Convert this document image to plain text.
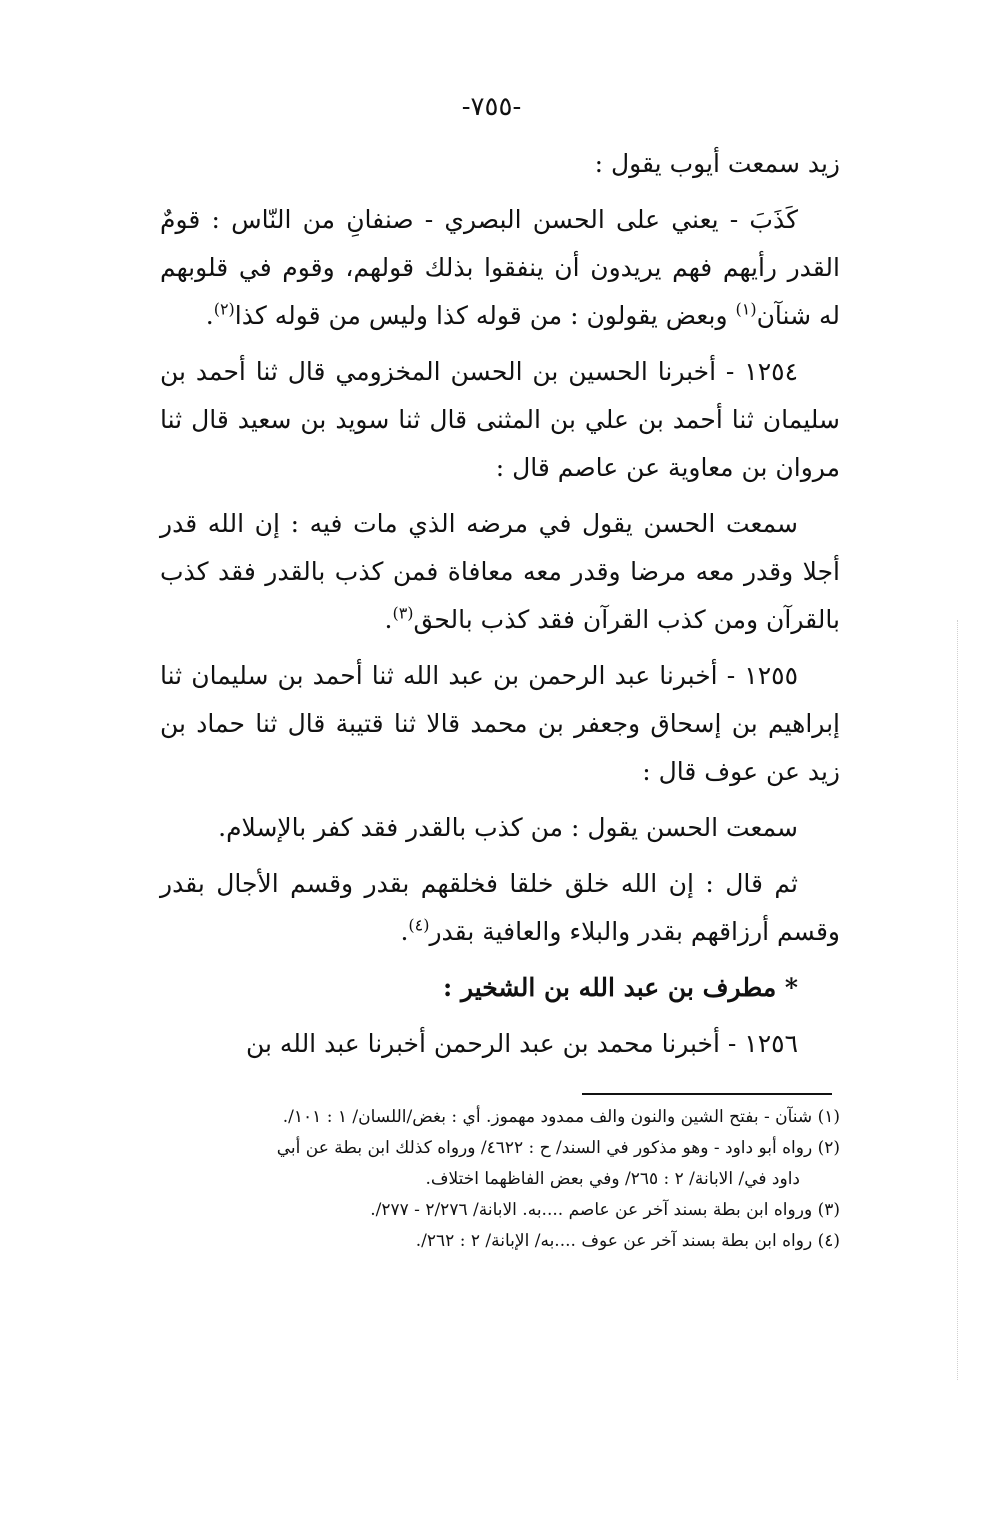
-٧٥٥-

زيد سمعت أيوب يقول :

كَذَبَ - يعني على الحسن البصري - صنفانِ من النّاس : قومٌ القدر رأيهم فهم يريدون أن ينفقوا بذلك قولهم، وقوم في قلوبهم له شنآن$^{(١)}$ وبعض يقولون : من قوله كذا وليس من قوله كذا$^{(٢)}$.

١٢٥٤ - أخبرنا الحسين بن الحسن المخزومي قال ثنا أحمد بن سليمان ثنا أحمد بن علي بن المثنى قال ثنا سويد بن سعيد قال ثنا مروان بن معاوية عن عاصم قال :

سمعت الحسن يقول في مرضه الذي مات فيه : إن الله قدر أجلا وقدر معه مرضا وقدر معه معافاة فمن كذب بالقدر فقد كذب بالقرآن ومن كذب القرآن فقد كذب بالحق$^{(٣)}$.

١٢٥٥ - أخبرنا عبد الرحمن بن عبد الله ثنا أحمد بن سليمان ثنا إبراهيم بن إسحاق وجعفر بن محمد قالا ثنا قتيبة قال ثنا حماد بن زيد عن عوف قال :

سمعت الحسن يقول : من كذب بالقدر فقد كفر بالإسلام.

ثم قال : إن الله خلق خلقا فخلقهم بقدر وقسم الأجال بقدر وقسم أرزاقهم بقدر والبلاء والعافية بقدر$^{(٤)}$.

* مطرف بن عبد الله بن الشخير :

١٢٥٦ - أخبرنا محمد بن عبد الرحمن أخبرنا عبد الله بن

(١) شنآن - بفتح الشين والنون والف ممدود مهموز. أي : بغض/اللسان/ ١ : ١٠١/.

(٢) رواه أبو داود - وهو مذكور في السند/ ح : ٤٦٢٢/ ورواه كذلك ابن بطة عن أبي

داود في/ الابانة/ ٢ : ٢٦٥/ وفي بعض الفاظهما اختلاف.

(٣) ورواه ابن بطة بسند آخر عن عاصم ....به. الابانة/ ٢/٢٧٦ - ٢٧٧/.

(٤) رواه ابن بطة بسند آخر عن عوف ....به/ الإبانة/ ٢ : ٢٦٢/.
